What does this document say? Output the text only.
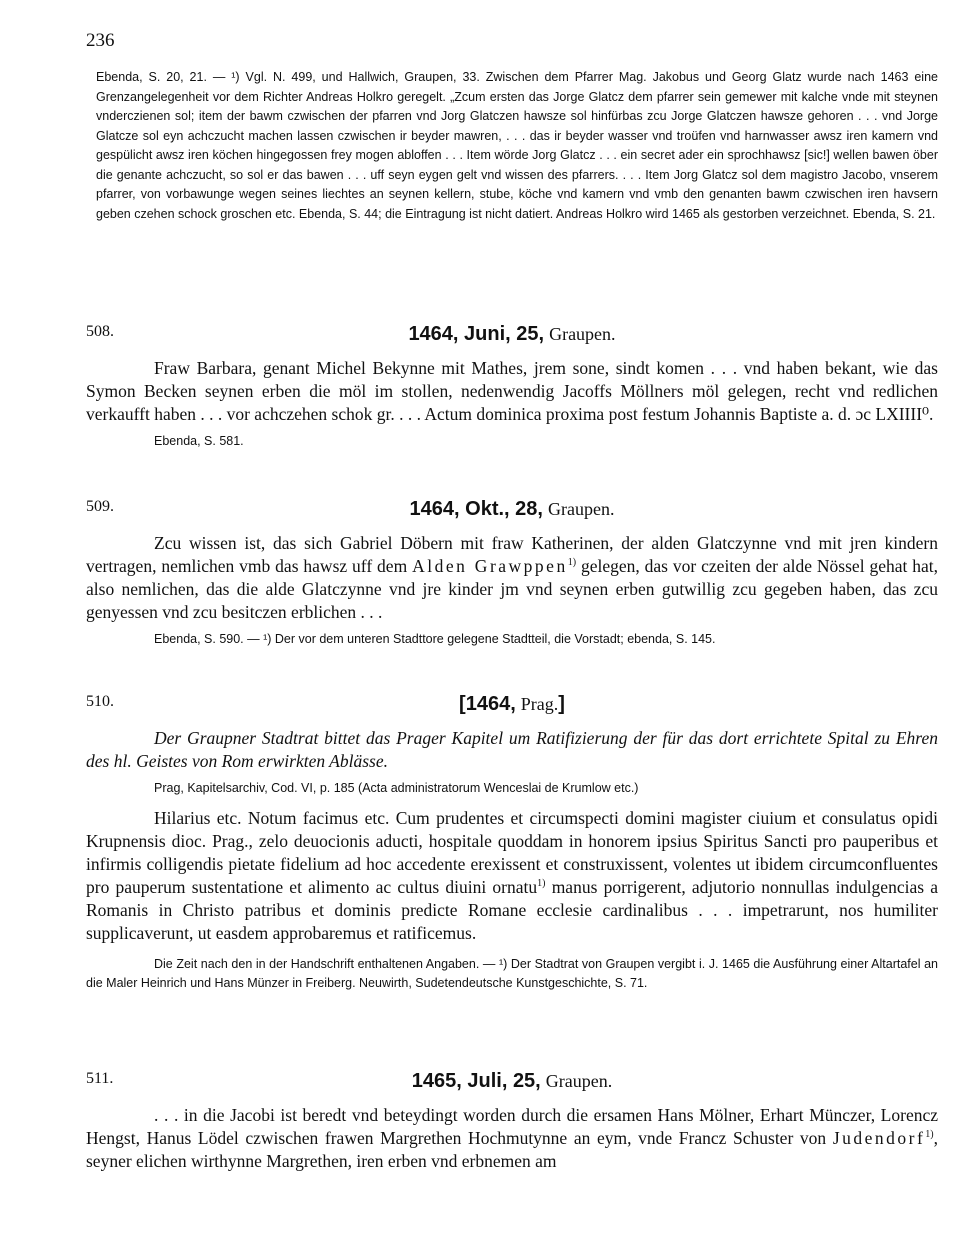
236
Ebenda, S. 20, 21. — ¹) Vgl. N. 499, und Hallwich, Graupen, 33. Zwischen dem Pfarrer Mag. Jakobus und Georg Glatz wurde nach 1463 eine Grenzangelegenheit vor dem Richter Andreas Holkro geregelt. „Zcum ersten das Jorge Glatcz dem pfarrer sein gemewer mit kalche vnde mit steynen vnderczienen sol; item der bawm czwischen der pfarren vnd Jorg Glatczen hawsze sol hinfürbas zcu Jorge Glatczen hawsze gehoren . . . vnd Jorge Glatcze sol eyn achczucht machen lassen czwischen ir beyder mawren, . . . das ir beyder wasser vnd troüfen vnd harnwasser awsz iren kamern vnd gespülicht awsz iren köchen hingegossen frey mogen abloffen . . . Item wörde Jorg Glatcz . . . ein secret ader ein sprochhawsz [sic!] wellen bawen öber die genante achczucht, so sol er das bawen . . . uff seyn eygen gelt vnd wissen des pfarrers. . . . Item Jorg Glatcz sol dem magistro Jacobo, vnserem pfarrer, von vorbawunge wegen seines liechtes an seynen kellern, stube, köche vnd kamern vnd vmb den genanten bawm czwischen iren havsern geben czehen schock groschen etc. Ebenda, S. 44; die Eintragung ist nicht datiert. Andreas Holkro wird 1465 als gestorben verzeichnet. Ebenda, S. 21.
508.	1464, Juni, 25, Graupen.

Fraw Barbara, genant Michel Bekynne mit Mathes, jrem sone, sindt komen . . . vnd haben bekant, wie das Symon Becken seynen erben die möl im stollen, nedenwendig Jacoffs Möllners möl gelegen, recht vnd redlichen verkaufft haben . . . vor achczehen schok gr. . . . Actum dominica proxima post festum Johannis Baptiste a. d. ɔc LXIIII⁰.

Ebenda, S. 581.
509.	1464, Okt., 28, Graupen.

Zcu wissen ist, das sich Gabriel Döbern mit fraw Katherinen, der alden Glatczynne vnd mit jren kindern vertragen, nemlichen vmb das hawsz uff dem Alden Grawppen$^{1)}$ gelegen, das vor czeiten der alde Nössel gehat hat, also nemlichen, das die alde Glatczynne vnd jre kinder jm vnd seynen erben gutwillig zcu gegeben haben, das zcu genyessen vnd zcu besitczen erblichen . . .

Ebenda, S. 590. — ¹) Der vor dem unteren Stadttore gelegene Stadtteil, die Vorstadt; ebenda, S. 145.
510.	[1464, Prag.]

Der Graupner Stadtrat bittet das Prager Kapitel um Ratifizierung der für das dort errichtete Spital zu Ehren des hl. Geistes von Rom erwirkten Ablässe.

Prag, Kapitelsarchiv, Cod. VI, p. 185 (Acta administratorum Wenceslai de Krumlow etc.)

Hilarius etc. Notum facimus etc. Cum prudentes et circumspecti domini magister ciuium et consulatus opidi Krupnensis dioc. Prag., zelo deuocionis aducti, hospitale quoddam in honorem ipsius Spiritus Sancti pro pauperibus et infirmis colligendis pietate fidelium ad hoc accedente erexissent et construxissent, volentes ut ibidem circumconfluentes pro pauperum sustentatione et alimento ac cultus diuini ornatu$^{1)}$ manus porrigerent, adjutorio nonnullas indulgencias a Romanis in Christo patribus et dominis predicte Romane ecclesie cardinalibus . . . impetrarunt, nos humiliter supplicaverunt, ut easdem approbaremus et ratificemus.

Die Zeit nach den in der Handschrift enthaltenen Angaben. — ¹) Der Stadtrat von Graupen vergibt i. J. 1465 die Ausführung einer Altartafel an die Maler Heinrich und Hans Münzer in Freiberg. Neuwirth, Sudetendeutsche Kunstgeschichte, S. 71.
511.	1465, Juli, 25, Graupen.

. . . in die Jacobi ist beredt vnd beteydingt worden durch die ersamen Hans Mölner, Erhart Münczer, Lorencz Hengst, Hanus Lödel czwischen frawen Margrethen Hochmutynne an eym, vnde Francz Schuster von Judendorf$^{1)}$, seyner elichen wirthynne Margrethen, iren erben vnd erbnemen am
